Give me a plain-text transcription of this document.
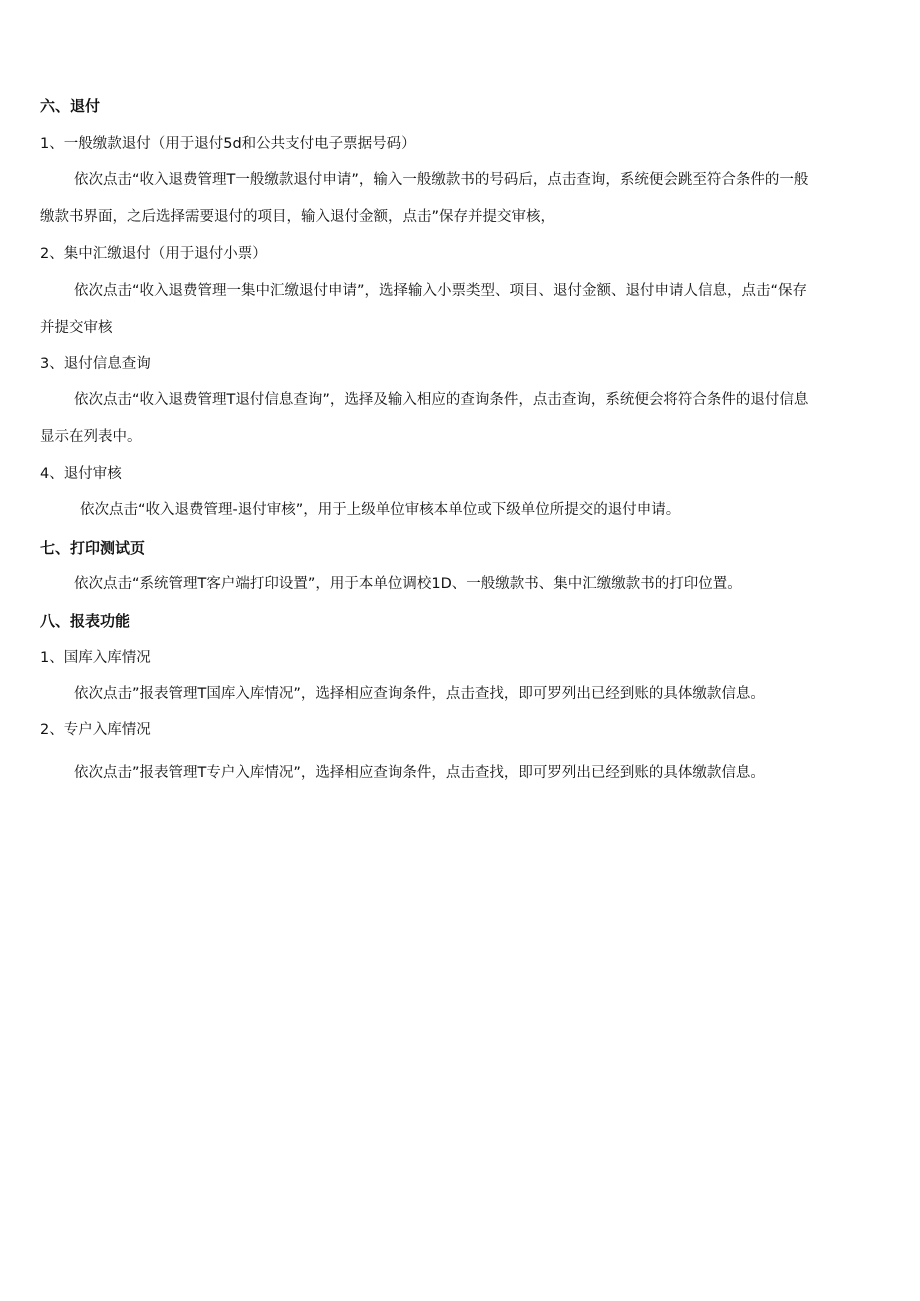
六、退付
1、一般缴款退付（用于退付5d和公共支付电子票据号码）
依次点击“收入退费管理T一般缴款退付申请”，输入一般缴款书的号码后，点击查询，系统便会跳至符合条件的一般
缴款书界面，之后选择需要退付的项目，输入退付金额，点击”保存并提交审核，
2、集中汇缴退付（用于退付小票）
依次点击“收入退费管理一集中汇缴退付申请”，选择输入小票类型、项目、退付金额、退付申请人信息，点击“保存
并提交审核
3、退付信息查询
依次点击“收入退费管理T退付信息查询”，选择及输入相应的查询条件，点击查询，系统便会将符合条件的退付信息
显示在列表中。
4、退付审核
依次点击“收入退费管理-退付审核”，用于上级单位审核本单位或下级单位所提交的退付申请。
七、打印测试页
依次点击“系统管理T客户端打印设置”，用于本单位调校1D、一般缴款书、集中汇缴缴款书的打印位置。
八、报表功能
1、国库入库情况
依次点击”报表管理T国库入库情况”，选择相应查询条件，点击查找，即可罗列出已经到账的具体缴款信息。
2、专户入库情况
依次点击”报表管理T专户入库情况”，选择相应查询条件，点击查找，即可罗列出已经到账的具体缴款信息。
